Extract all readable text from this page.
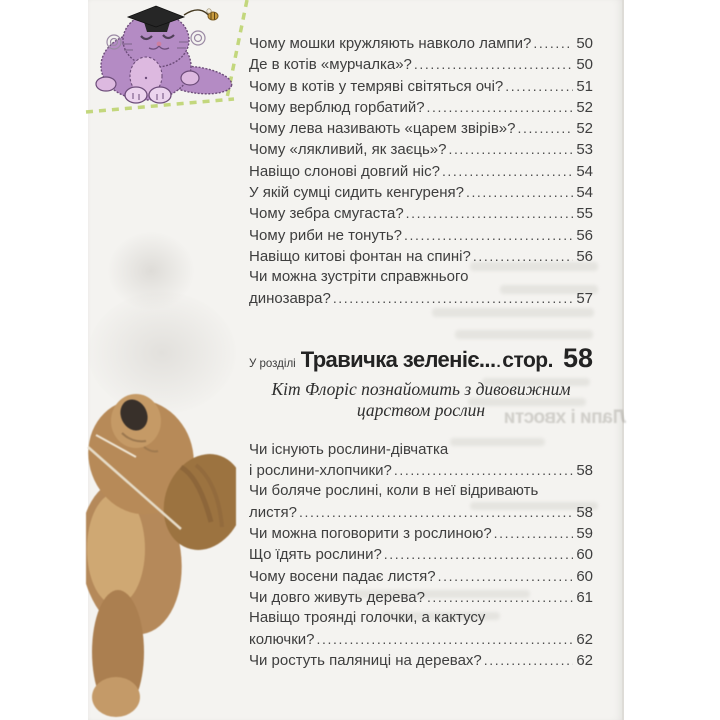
Лапи і хвости
Чому мошки кружляють навколо лампи? .....	50
Де в котів «мурчалка»? .....	50
Чому в котів у темряві світяться очі? .....	51
Чому верблюд горбатий? .....	52
Чому лева називають «царем звірів»? .....	52
Чому «лякливий, як заєць»? .....	53
Навіщо слонові довгий ніс? .....	54
У якій сумці сидить кенгуреня? .....	54
Чому зебра смугаста? .....	55
Чому риби не тонуть? .....	56
Навіщо китові фонтан на спині? .....	56
Чи можна зустріти справжнього
динозавра? .....	57
У розділі Травичка зеленіє... ..... стор. 58
Кіт Флоріс познайомить з дивовижним
царством рослин
Чи існують рослини-дівчатка
і рослини-хлопчики? .....	58
Чи боляче рослині, коли в неї відривають
листя? .....	58
Чи можна поговорити з рослиною? .....	59
Що їдять рослини? .....	60
Чому восени падає листя? .....	60
Чи довго живуть дерева? .....	61
Навіщо троянді голочки, а кактусу
колючки? .....	62
Чи ростуть паляниці на деревах? .....	62
